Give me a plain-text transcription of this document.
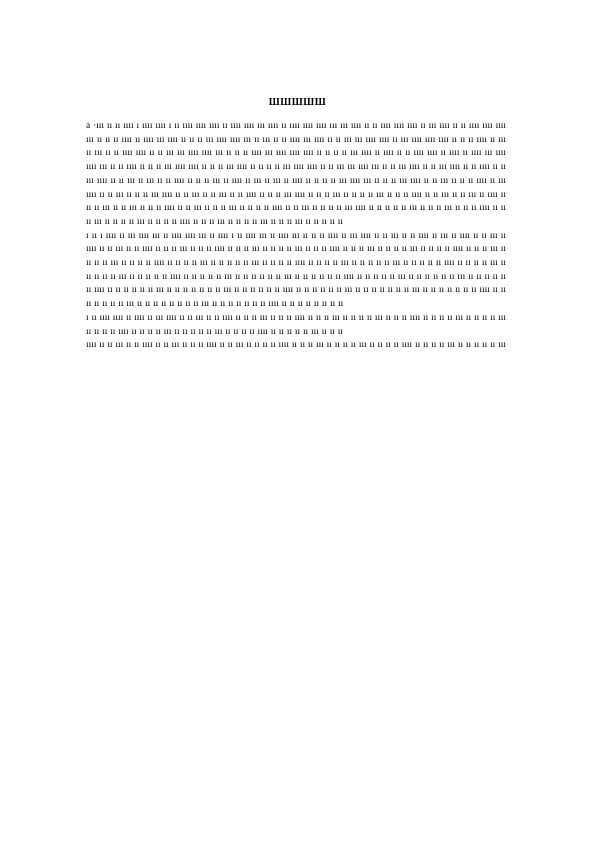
ШШШШШ

а ·ııı ıı ıı ıııı ı ıııı ıııı ı ıı ıııı ıııı ıııı ıı ıııı ıııı ııı ıııı ıı ıııı ıııı ıııı ııı ııı ıııı ıı ıı ıııı ıııı ıııı ıı ııı ıııı ıı ıı ıııı ıııı ıııı ııı ıı ıı ıı ıııı ıı ıııı ııı ıııı ıı ıı ıı ııı ıııı ıııı ııı ıı ııı ıı ıı ıııı ııı ıııı ıı ıı ııı ııı ıııı ıııı ıı ııı ıııı ıııı ıııı ıı ıı ıı ıııı ıı ııı ıı ııı ıı ıı ıııı ıııı ıı ıı ııı ııı ıııı ıııı ııı ıı ıı ıı ıııı ııı ıııı ıııı ıııı ıı ıı ıı ıı ııı ıııı ıı ıııı ıı ıı ıııı ıııı ıı ıııı ıı ıııı ııı ıııı ıııı ııı ıı ıı ıııı ıı ıı ıı ııı ıııı ıııı ıı ıı ıı ııı ıııı ıı ıı ıı ıı ııı ıııı ıııı ıı ıı ııı ııı ıııı ııı ıı ıı ııı ıııı ıı ıı ııı ıııı ıı ıı ıııı ıı ıı ııı ıııı ıı ıı ııı ıı ııı ıı ıı ıııı ıı ıı ıı ııı ıı ıııı ıı ııı ıı ııı ıı ıııı ıı ıı ıı ıı ııı ıııı ııı ıı ıı ıı ııı ıııı ıı ıı ııı ıı ıı ıı ıııı ıı ııı ıııı ıı ıı ııı ıı ıı ıı ııı ıııı ıı ıı ııı ıı ıı ııı ıı ıı ıııı ıı ıı ıı ııı ıııı ıı ıı ıı ııı ıı ıı ıı ıı ııı ıı ıı ıı ıııı ıı ıı ııı ıı ıı ııı ıı ıııı ıı ıı ıı ııı ıı ıı ııı ıı ıı ıı ıııı ıı ıı ııı ıı ıı ıı ııı ıı ıı ıı ıı ıııı ıı ıı ııı ıı ıı ıı ıı ııı ıııı ıı ıı ıı ıı ıı ııı ıı ıı ıı ııı ıı ıı ıı ıııı ıı ıı ıı ııı ıı ıı ıı ıı ııı ıı ıı ıı ıı ıııı ıı ıı ıı ııı ıı ıı ıı ıı ııı ıı ıı ıı ııı ıı ıı ıı ıı ıı

ı ıı ı ıııı ıı ııı ıııı ııı ıı ıııı ıııı ııı ıı ıııı ı ıı ıııı ııı ıı ıııı ııı ıı ıı ıı ıııı ıı ııı ıııı ıı ıı ııı ıı ıı ıııı ıı ııı ıı ıııı ıı ıı ııı ıı ıııı ıı ıı ııı ıı ıı ıııı ıı ıı ıı ııı ıı ıı ıı ıııı ıı ıı ıı ııı ıı ıı ıı ıı ııı ıı ıı ıı ıııı ıı ıı ıı ııı ıı ıı ıı ıı ııı ıı ıı ıı ıı ıııı ıı ıı ıı ııı ıı ıı ıı ıı ııı ıı ıı ıı ıı ıııı ıı ıı ıı ıı ııı ıı ıı ıı ıı ıı ııı ıı ıı ıı ıı ıııı ıı ıı ıı ıı ııı ıı ıı ıı ıı ıı ııı ıı ıı ıı ıı ıı ıııı ıı ıı ıı ıı ııı ıı ıı ıı ıı ıı ııı ıı ıı ıı ıı ıı ıııı ıı ıı ıı ıı ıı ııı ıı ıı ıı ıı ıı ıı ııı ıı ıı ıı ıı ıı ıı ıııı ıı ıı ıı ıı ıı ııı ıı ıı ıı ıı ıı ıı ııı ıı ıı ıı ıı ıı ıı ıııı ıı ıı ıı ıı ıı ıı ııı ıı ıı ıı ıı ıı ıı ıı ııı ıı ıı ıı ıı ıı ıı ıııı ıı ıı ıı ıı ıı ıı ııı ıı ıı ıı ıı ıı ıı ıı ııı ıı ıı ıı ıı ıı ıı ıı ıııı ıı ıı ıı ıı ıı ıı ıı ııı ıı ıı ıı ıı ıı ıı ıı ıı ııı ıı ıı ıı ıı ıı ıı ıı ıııı ıı ıı ıı ıı ıı ıı ıı ıı

ı ıı ıııı ıııı ıı ıııı ıı ııı ıııı ıı ıı ııı ıı ıı ıııı ıı ıı ıı ııı ıı ıı ıı ıııı ıı ıı ıı ııı ıı ıı ıı ıı ııı ıı ıı ıı ıııı ıı ıı ıı ıı ııı ıı ıı ıı ıı ııı ıı ıı ıı ıı ıııı ıı ıı ıı ıı ııı ıı ıı ıı ıı ıı ııı ıı ıı ıı ıı ıııı ıı ıı ıı ıı ıı ııı ıı ıı ıı

ıııı ıı ıı ııı ıı ıı ıııı ıı ıı ııı ıı ıı ıı ıııı ıı ıı ııı ıı ıı ıı ıı ıııı ıı ıı ıı ııı ıı ıı ıı ıı ııı ıı ıı ıı ıı ıııı ıı ıı ıı ıı ııı ıı ıı ıı ıı ıı ııı
